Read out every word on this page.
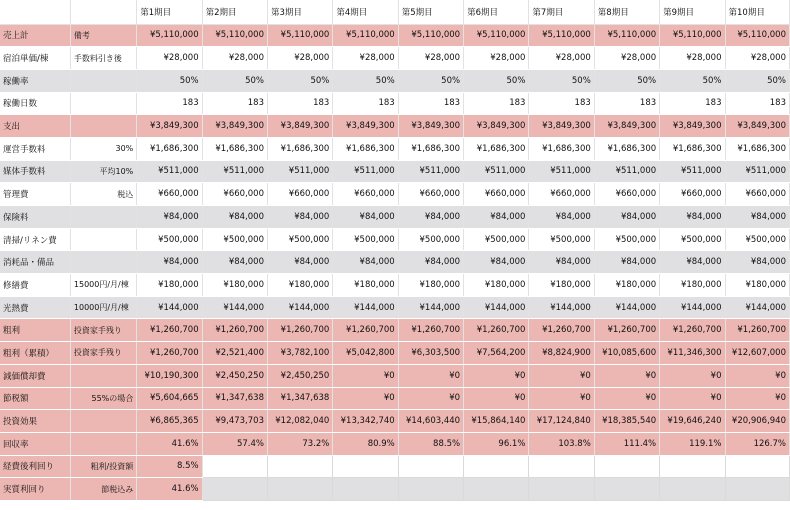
		第1期目	第2期目	第3期目	第4期目	第5期目	第6期目	第7期目	第8期目	第9期目	第10期目
売上計	備考	¥5,110,000	¥5,110,000	¥5,110,000	¥5,110,000	¥5,110,000	¥5,110,000	¥5,110,000	¥5,110,000	¥5,110,000	¥5,110,000
宿泊単価/棟	手数料引き後	¥28,000	¥28,000	¥28,000	¥28,000	¥28,000	¥28,000	¥28,000	¥28,000	¥28,000	¥28,000
稼働率		50%	50%	50%	50%	50%	50%	50%	50%	50%	50%
稼働日数		183	183	183	183	183	183	183	183	183	183
支出		¥3,849,300	¥3,849,300	¥3,849,300	¥3,849,300	¥3,849,300	¥3,849,300	¥3,849,300	¥3,849,300	¥3,849,300	¥3,849,300
運営手数料	30%	¥1,686,300	¥1,686,300	¥1,686,300	¥1,686,300	¥1,686,300	¥1,686,300	¥1,686,300	¥1,686,300	¥1,686,300	¥1,686,300
媒体手数料	平均10%	¥511,000	¥511,000	¥511,000	¥511,000	¥511,000	¥511,000	¥511,000	¥511,000	¥511,000	¥511,000
管理費	税込	¥660,000	¥660,000	¥660,000	¥660,000	¥660,000	¥660,000	¥660,000	¥660,000	¥660,000	¥660,000
保険料		¥84,000	¥84,000	¥84,000	¥84,000	¥84,000	¥84,000	¥84,000	¥84,000	¥84,000	¥84,000
清掃/リネン費		¥500,000	¥500,000	¥500,000	¥500,000	¥500,000	¥500,000	¥500,000	¥500,000	¥500,000	¥500,000
消耗品・備品		¥84,000	¥84,000	¥84,000	¥84,000	¥84,000	¥84,000	¥84,000	¥84,000	¥84,000	¥84,000
修繕費	15000円/月/棟	¥180,000	¥180,000	¥180,000	¥180,000	¥180,000	¥180,000	¥180,000	¥180,000	¥180,000	¥180,000
光熱費	10000円/月/棟	¥144,000	¥144,000	¥144,000	¥144,000	¥144,000	¥144,000	¥144,000	¥144,000	¥144,000	¥144,000
粗利	投資家手残り	¥1,260,700	¥1,260,700	¥1,260,700	¥1,260,700	¥1,260,700	¥1,260,700	¥1,260,700	¥1,260,700	¥1,260,700	¥1,260,700
粗利（累積）	投資家手残り	¥1,260,700	¥2,521,400	¥3,782,100	¥5,042,800	¥6,303,500	¥7,564,200	¥8,824,900	¥10,085,600	¥11,346,300	¥12,607,000
減価償却費		¥10,190,300	¥2,450,250	¥2,450,250	¥0	¥0	¥0	¥0	¥0	¥0	¥0
節税額	55%の場合	¥5,604,665	¥1,347,638	¥1,347,638	¥0	¥0	¥0	¥0	¥0	¥0	¥0
投資効果		¥6,865,365	¥9,473,703	¥12,082,040	¥13,342,740	¥14,603,440	¥15,864,140	¥17,124,840	¥18,385,540	¥19,646,240	¥20,906,940
回収率		41.6%	57.4%	73.2%	80.9%	88.5%	96.1%	103.8%	111.4%	119.1%	126.7%
経費後利回り	粗利/投資額	8.5%									
実質利回り	節税込み	41.6%									
